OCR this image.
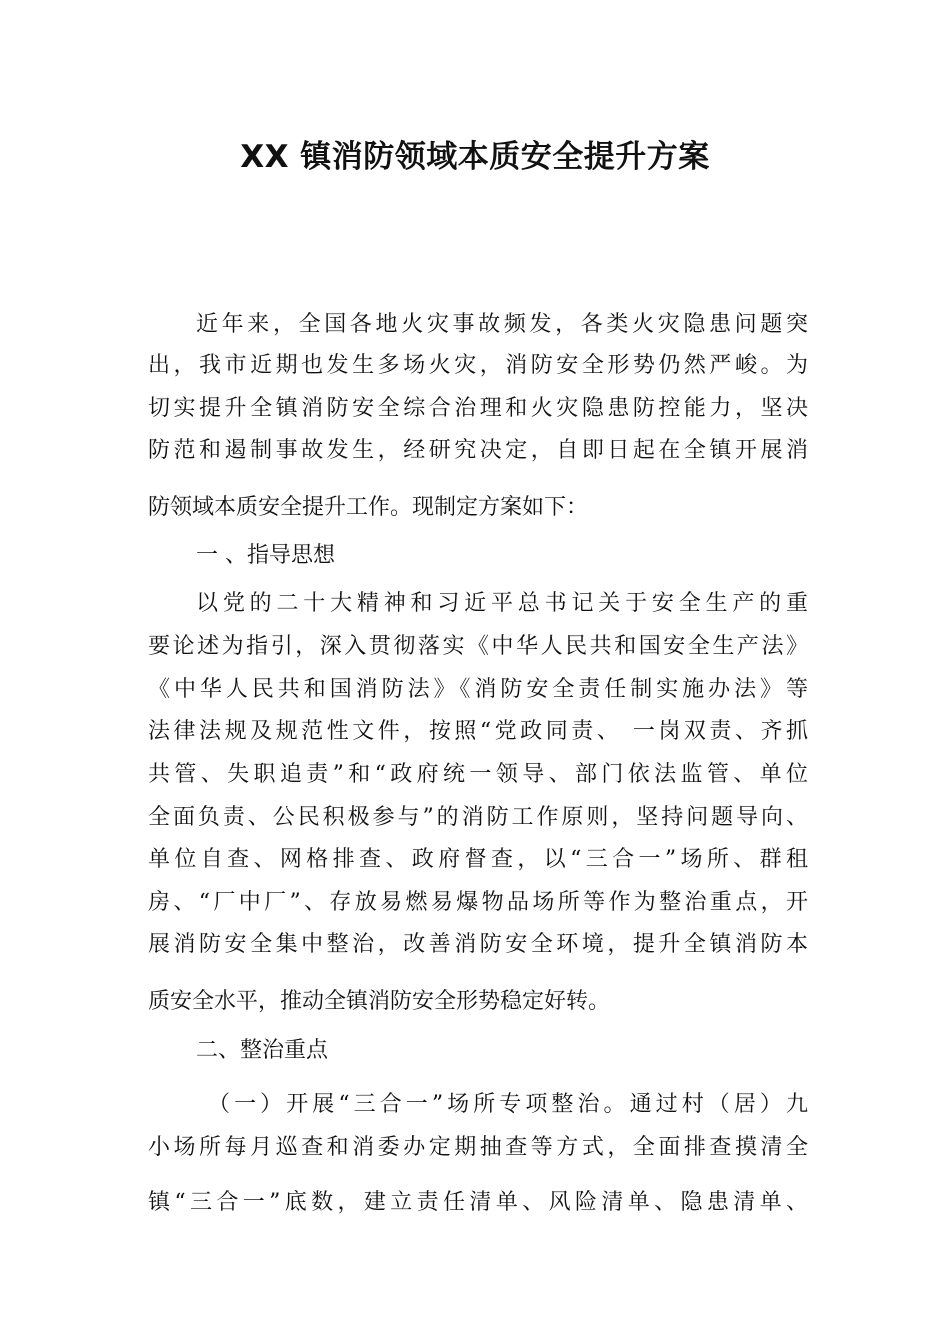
XX 镇消防领域本质安全提升方案

近年来，全国各地火灾事故频发，各类火灾隐患问题突

出，我市近期也发生多场火灾，消防安全形势仍然严峻。为

切实提升全镇消防安全综合治理和火灾隐患防控能力，坚决

防范和遏制事故发生，经研究决定，自即日起在全镇开展消

防领域本质安全提升工作。现制定方案如下：

一 、指导思想

以党的二十大精神和习近平总书记关于安全生产的重

要论述为指引，深入贯彻落实《中华人民共和国安全生产法》

《中华人民共和国消防法》《消防安全责任制实施办法》等

法律法规及规范性文件，按照“党政同责、 一岗双责、齐抓

共管、失职追责”和“政府统一领导、部门依法监管、单位

全面负责、公民积极参与”的消防工作原则，坚持问题导向、

单位自查、网格排查、政府督查，以“三合一”场所、群租

房、“厂中厂”、存放易燃易爆物品场所等作为整治重点，开

展消防安全集中整治，改善消防安全环境，提升全镇消防本

质安全水平，推动全镇消防安全形势稳定好转。

二、整治重点

（一）开展“三合一”场所专项整治。通过村（居）九

小场所每月巡查和消委办定期抽查等方式，全面排查摸清全

镇“三合一”底数，建立责任清单、风险清单、隐患清单、
